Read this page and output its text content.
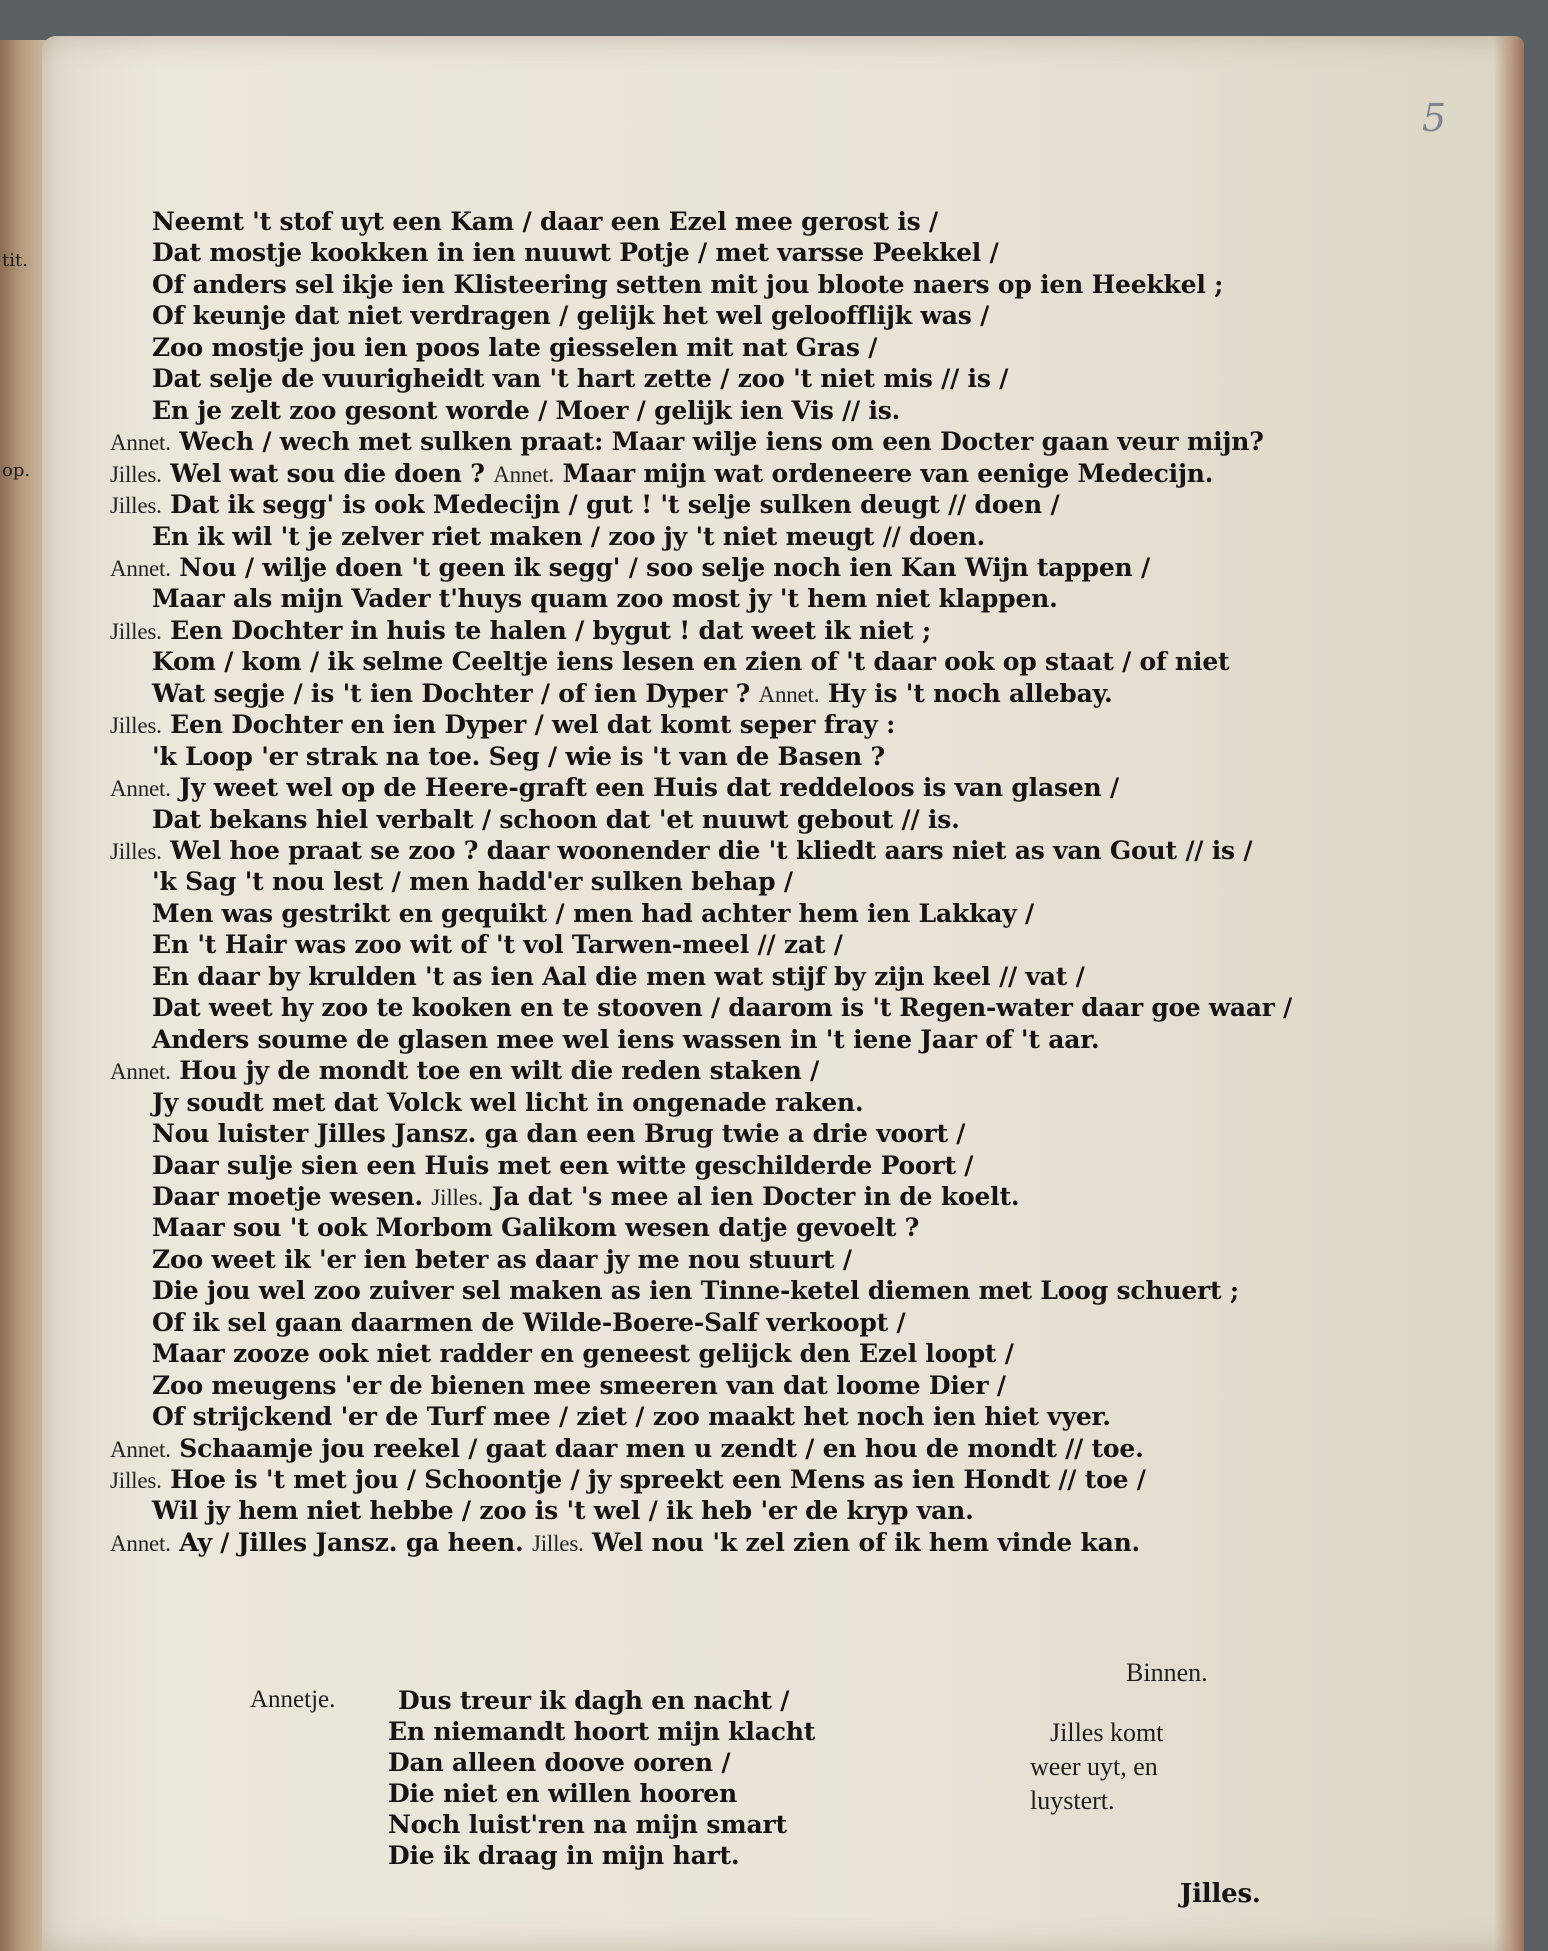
tit.
op.
5
Neemt 't stof uyt een Kam / daar een Ezel mee gerost is /
Dat mostje kookken in ien nuuwt Potje / met varsse Peekkel /
Of anders sel ikje ien Klisteering setten mit jou bloote naers op ien Heekkel ;
Of keunje dat niet verdragen / gelijk het wel geloofflijk was /
Zoo mostje jou ien poos late giesselen mit nat Gras /
Dat selje de vuurigheidt van 't hart zette / zoo 't niet mis // is /
En je zelt zoo gesont worde / Moer / gelijk ien Vis // is.
Annet. Wech / wech met sulken praat: Maar wilje iens om een Docter gaan veur mijn?
Jilles. Wel wat sou die doen ? Annet. Maar mijn wat ordeneere van eenige Medecijn.
Jilles. Dat ik segg' is ook Medecijn / gut ! 't selje sulken deugt // doen /
En ik wil 't je zelver riet maken / zoo jy 't niet meugt // doen.
Annet. Nou / wilje doen 't geen ik segg' / soo selje noch ien Kan Wijn tappen /
Maar als mijn Vader t'huys quam zoo most jy 't hem niet klappen.
Jilles. Een Dochter in huis te halen / bygut ! dat weet ik niet ;
Kom / kom / ik selme Ceeltje iens lesen en zien of 't daar ook op staat / of niet
Wat segje / is 't ien Dochter / of ien Dyper ? Annet. Hy is 't noch allebay.
Jilles. Een Dochter en ien Dyper / wel dat komt seper fray :
'k Loop 'er strak na toe. Seg / wie is 't van de Basen ?
Annet. Jy weet wel op de Heere-graft een Huis dat reddeloos is van glasen /
Dat bekans hiel verbalt / schoon dat 'et nuuwt gebout // is.
Jilles. Wel hoe praat se zoo ? daar woonender die 't kliedt aars niet as van Gout // is /
'k Sag 't nou lest / men hadd'er sulken behap /
Men was gestrikt en gequikt / men had achter hem ien Lakkay /
En 't Hair was zoo wit of 't vol Tarwen-meel // zat /
En daar by krulden 't as ien Aal die men wat stijf by zijn keel // vat /
Dat weet hy zoo te kooken en te stooven / daarom is 't Regen-water daar goe waar /
Anders soume de glasen mee wel iens wassen in 't iene Jaar of 't aar.
Annet. Hou jy de mondt toe en wilt die reden staken /
Jy soudt met dat Volck wel licht in ongenade raken.
Nou luister Jilles Jansz. ga dan een Brug twie a drie voort /
Daar sulje sien een Huis met een witte geschilderde Poort /
Daar moetje wesen. Jilles. Ja dat 's mee al ien Docter in de koelt.
Maar sou 't ook Morbom Galikom wesen datje gevoelt ?
Zoo weet ik 'er ien beter as daar jy me nou stuurt /
Die jou wel zoo zuiver sel maken as ien Tinne-ketel diemen met Loog schuert ;
Of ik sel gaan daarmen de Wilde-Boere-Salf verkoopt /
Maar zooze ook niet radder en geneest gelijck den Ezel loopt /
Zoo meugens 'er de bienen mee smeeren van dat loome Dier /
Of strijckend 'er de Turf mee / ziet / zoo maakt het noch ien hiet vyer.
Annet. Schaamje jou reekel / gaat daar men u zendt / en hou de mondt // toe.
Jilles. Hoe is 't met jou / Schoontje / jy spreekt een Mens as ien Hondt // toe /
Wil jy hem niet hebbe / zoo is 't wel / ik heb 'er de kryp van.
Annet. Ay / Jilles Jansz. ga heen. Jilles. Wel nou 'k zel zien of ik hem vinde kan.
Binnen.
Annetje.	Dus treur ik dagh en nacht /
En niemandt hoort mijn klacht
Dan alleen doove ooren /
Die niet en willen hooren
Noch luist'ren na mijn smart
Die ik draag in mijn hart.
Jilles komt
weer uyt, en
luystert.
Jilles.
